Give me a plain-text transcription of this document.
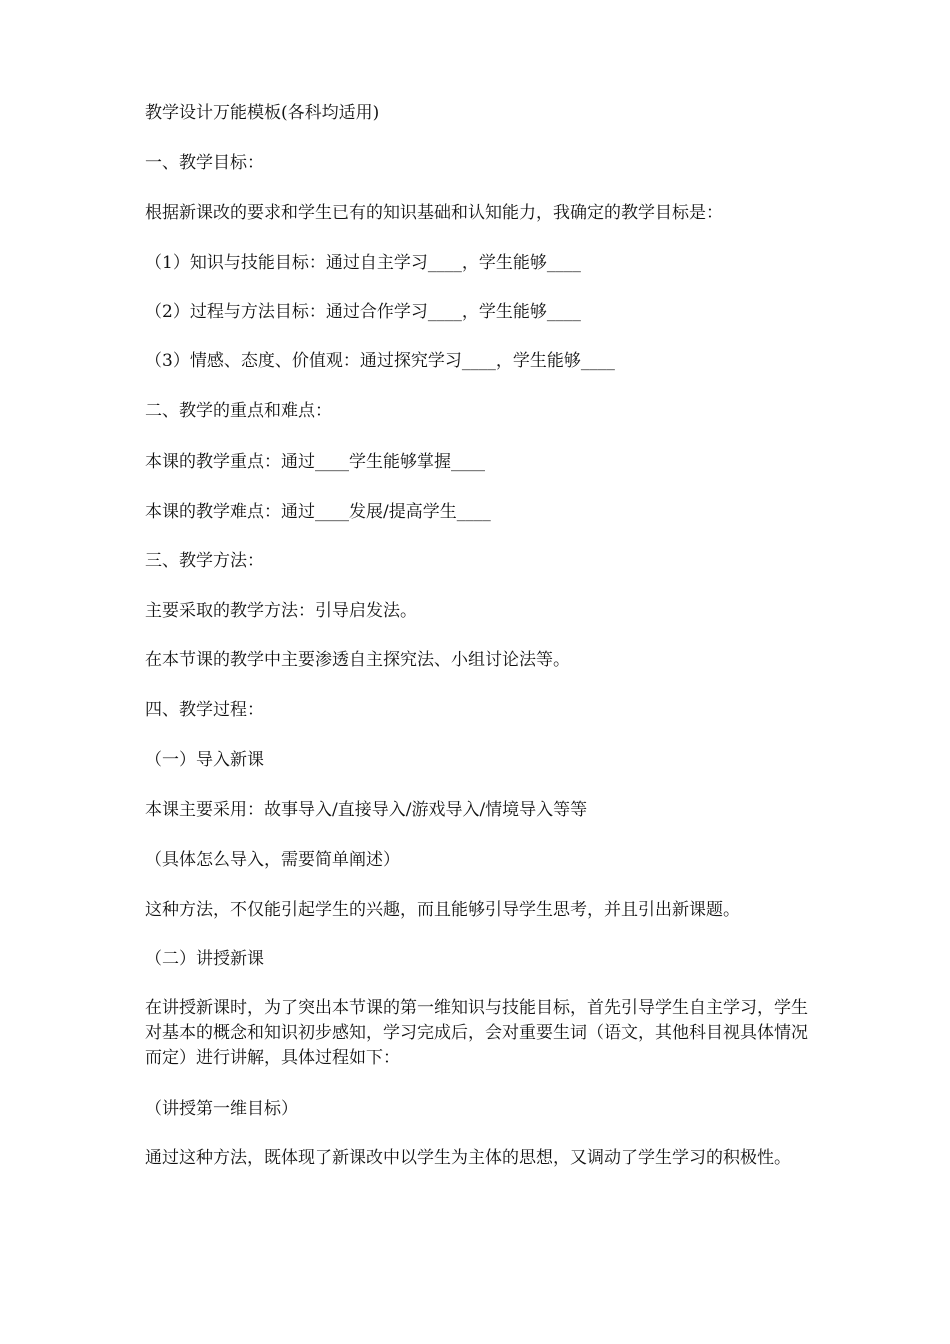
教学设计万能模板(各科均适用)

一、教学目标：

根据新课改的要求和学生已有的知识基础和认知能力，我确定的教学目标是：

（1）知识与技能目标：通过自主学习____，学生能够____

（2）过程与方法目标：通过合作学习____，学生能够____

（3）情感、态度、价值观：通过探究学习____，学生能够____

二、教学的重点和难点：

本课的教学重点：通过____学生能够掌握____

本课的教学难点：通过____发展/提高学生____

三、教学方法：

主要采取的教学方法：引导启发法。

在本节课的教学中主要渗透自主探究法、小组讨论法等。

四、教学过程：

（一）导入新课

本课主要采用：故事导入/直接导入/游戏导入/情境导入等等

（具体怎么导入，需要简单阐述）

这种方法，不仅能引起学生的兴趣，而且能够引导学生思考，并且引出新课题。

（二）讲授新课

在讲授新课时，为了突出本节课的第一维知识与技能目标，首先引导学生自主学习，学生对基本的概念和知识初步感知，学习完成后，会对重要生词（语文，其他科目视具体情况而定）进行讲解，具体过程如下：

（讲授第一维目标）

通过这种方法，既体现了新课改中以学生为主体的思想，又调动了学生学习的积极性。
